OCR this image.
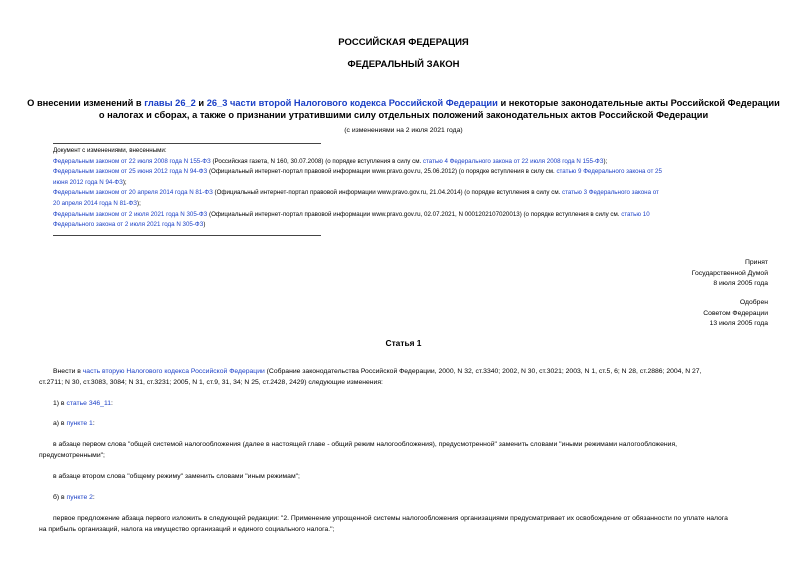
РОССИЙСКАЯ ФЕДЕРАЦИЯ
ФЕДЕРАЛЬНЫЙ ЗАКОН
О внесении изменений в главы 26_2 и 26_3 части второй Налогового кодекса Российской Федерации и некоторые законодательные акты Российской Федерации
о налогах и сборах, а также о признании утратившими силу отдельных положений законодательных актов Российской Федерации
(с изменениями на 2 июля 2021 года)
Документ с изменениями, внесенными:
Федеральным законом от 22 июля 2008 года N 155-ФЗ (Российская газета, N 160, 30.07.2008) (о порядке вступления в силу см. статью 4 Федерального закона от 22 июля 2008 года N 155-ФЗ);
Федеральным законом от 25 июня 2012 года N 94-ФЗ (Официальный интернет-портал правовой информации www.pravo.gov.ru, 25.06.2012) (о порядке вступления в силу см. статью 9 Федерального закона от 25
июня 2012 года N 94-ФЗ);
Федеральным законом от 20 апреля 2014 года N 81-ФЗ (Официальный интернет-портал правовой информации www.pravo.gov.ru, 21.04.2014) (о порядке вступления в силу см. статью 3 Федерального закона от
20 апреля 2014 года N 81-ФЗ);
Федеральным законом от 2 июля 2021 года N 305-ФЗ (Официальный интернет-портал правовой информации www.pravo.gov.ru, 02.07.2021, N 0001202107020013) (о порядке вступления в силу см. статью 10
Федерального закона от 2 июля 2021 года N 305-ФЗ)
Принят
Государственной Думой
8 июля 2005 года
Одобрен
Советом Федерации
13 июля 2005 года
Статья 1
Внести в часть вторую Налогового кодекса Российской Федерации (Собрание законодательства Российской Федерации, 2000, N 32, ст.3340; 2002, N 30, ст.3021; 2003, N 1, ст.5, 6; N 28, ст.2886; 2004, N 27,
ст.2711; N 30, ст.3083, 3084; N 31, ст.3231; 2005, N 1, ст.9, 31, 34; N 25, ст.2428, 2429) следующие изменения:
1) в статье 346_11:
а) в пункте 1:
в абзаце первом слова "общей системой налогообложения (далее в настоящей главе - общий режим налогообложения), предусмотренной" заменить словами "иными режимами налогообложения,
предусмотренными";
в абзаце втором слова "общему режиму" заменить словами "иным режимам";
б) в пункте 2:
первое предложение абзаца первого изложить в следующей редакции: "2. Применение упрощенной системы налогообложения организациями предусматривает их освобождение от обязанности по уплате налога
на прибыль организаций, налога на имущество организаций и единого социального налога.";
